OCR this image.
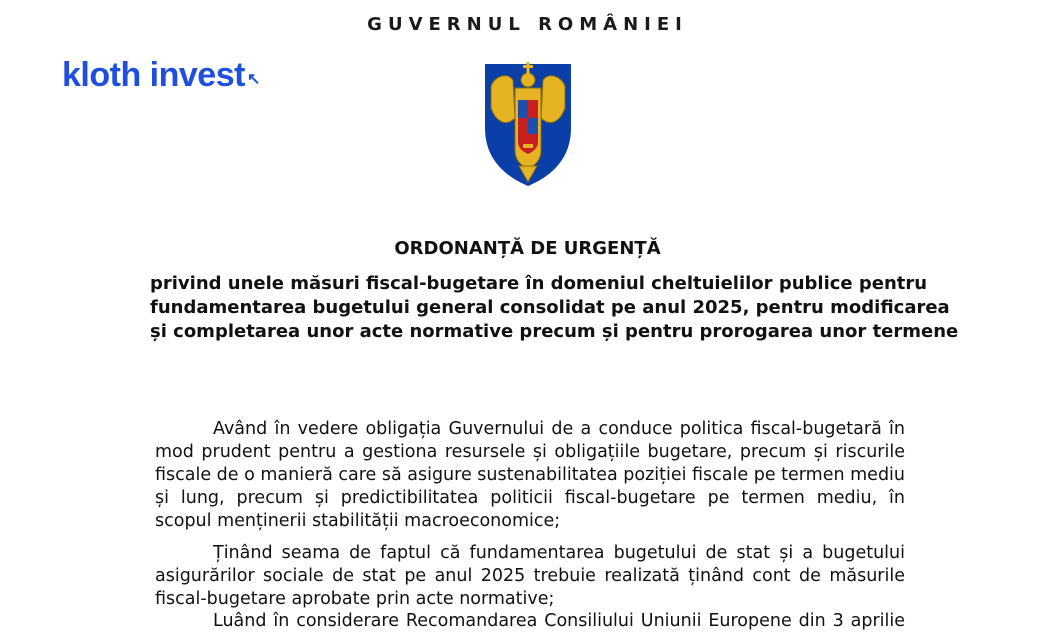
GUVERNUL ROMÂNIEI
kloth invest ↖
ORDONANȚĂ DE URGENȚĂ
privind unele măsuri fiscal-bugetare în domeniul cheltuielilor publice pentru
fundamentarea bugetului general consolidat pe anul 2025, pentru modificarea
și completarea unor acte normative precum și pentru prorogarea unor termene
Având în vedere obligația Guvernului de a conduce politica fiscal-bugetară în
mod prudent pentru a gestiona resursele și obligațiile bugetare, precum și riscurile
fiscale de o manieră care să asigure sustenabilitatea poziției fiscale pe termen mediu
și lung, precum și predictibilitatea politicii fiscal-bugetare pe termen mediu, în
scopul menținerii stabilității macroeconomice;
Ținând seama de faptul că fundamentarea bugetului de stat și a bugetului
asigurărilor sociale de stat pe anul 2025 trebuie realizată ținând cont de măsurile
fiscal-bugetare aprobate prin acte normative;
Luând în considerare Recomandarea Consiliului Uniunii Europene din 3 aprilie
